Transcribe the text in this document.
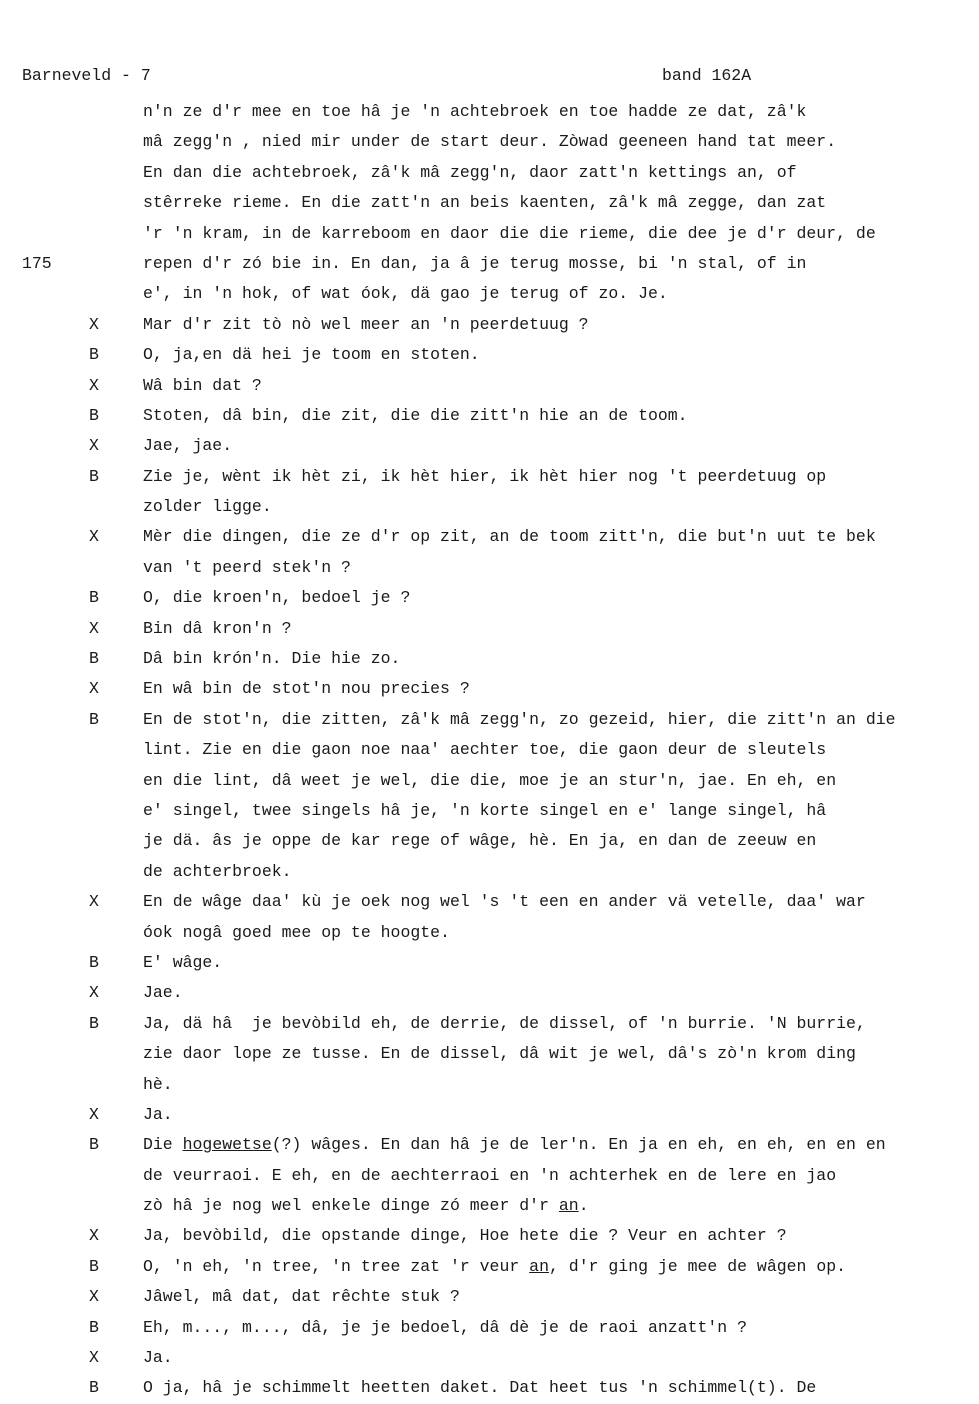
Barneveld - 7	band 162A
n'n ze d'r mee en toe hâ je 'n achtebroek en toe hadde ze dat, zâ'k
mâ zegg'n , nied mir under de start deur. Zòwad geeneen hand tat meer.
En dan die achtebroek, zâ'k mâ zegg'n, daor zatt'n kettings an, of
stêrreke rieme. En die zatt'n an beis kaenten, zâ'k mâ zegge, dan zat
'r 'n kram, in de karreboom en daor die die rieme, die dee je d'r deur, de
175	repen d'r zó bie in. En dan, ja â je terug mosse, bi 'n stal, of in
e', in 'n hok, of wat óok, dä gao je terug of zo. Je.
X	Mar d'r zit tò nò wel meer an 'n peerdetuug ?
B	O, ja,en dä hei je toom en stoten.
X	Wâ bin dat ?
B	Stoten, dâ bin, die zit, die die zitt'n hie an de toom.
X	Jae, jae.
B	Zie je, wènt ik hèt zi, ik hèt hier, ik hèt hier nog 't peerdetuug op
zolder ligge.
X	Mèr die dingen, die ze d'r op zit, an de toom zitt'n, die but'n uut te bek
van 't peerd stek'n ?
B	O, die kroen'n, bedoel je ?
X	Bin dâ kron'n ?
B	Dâ bin krón'n. Die hie zo.
X	En wâ bin de stot'n nou precies ?
B	En de stot'n, die zitten, zâ'k mâ zegg'n, zo gezeid, hier, die zitt'n an die
lint. Zie en die gaon noe naa' aechter toe, die gaon deur de sleutels
en die lint, dâ weet je wel, die die, moe je an stur'n, jae. En eh, en
e' singel, twee singels hâ je, 'n korte singel en e' lange singel, hâ
je dä. âs je oppe de kar rege of wâge, hè. En ja, en dan de zeeuw en
de achterbroek.
X	En de wâge daa' kù je oek nog wel 's 't een en ander vä vetelle, daa' war
óok nogâ goed mee op te hoogte.
B	E' wâge.
X	Jae.
B	Ja, dä hâ  je bevòbild eh, de derrie, de dissel, of 'n burrie. 'N burrie,
zie daor lope ze tusse. En de dissel, dâ wit je wel, dâ's zò'n krom ding
hè.
X	Ja.
B	Die hogewetse(?) wâges. En dan hâ je de ler'n. En ja en eh, en eh, en en en
de veurraoi. E eh, en de aechterraoi en 'n achterhek en de lere en jao
zò hâ je nog wel enkele dinge zó meer d'r an.
X	Ja, bevòbild, die opstande dinge, Hoe hete die ? Veur en achter ?
B	O, 'n eh, 'n tree, 'n tree zat 'r veur an, d'r ging je mee de wâgen op.
X	Jâwel, mâ dat, dat rêchte stuk ?
B	Eh, m..., m..., dâ, je je bedoel, dâ dè je de raoi anzatt'n ?
X	Ja.
B	O ja, hâ je schimmelt heetten daket. Dat heet tus 'n schimmel(t). De
